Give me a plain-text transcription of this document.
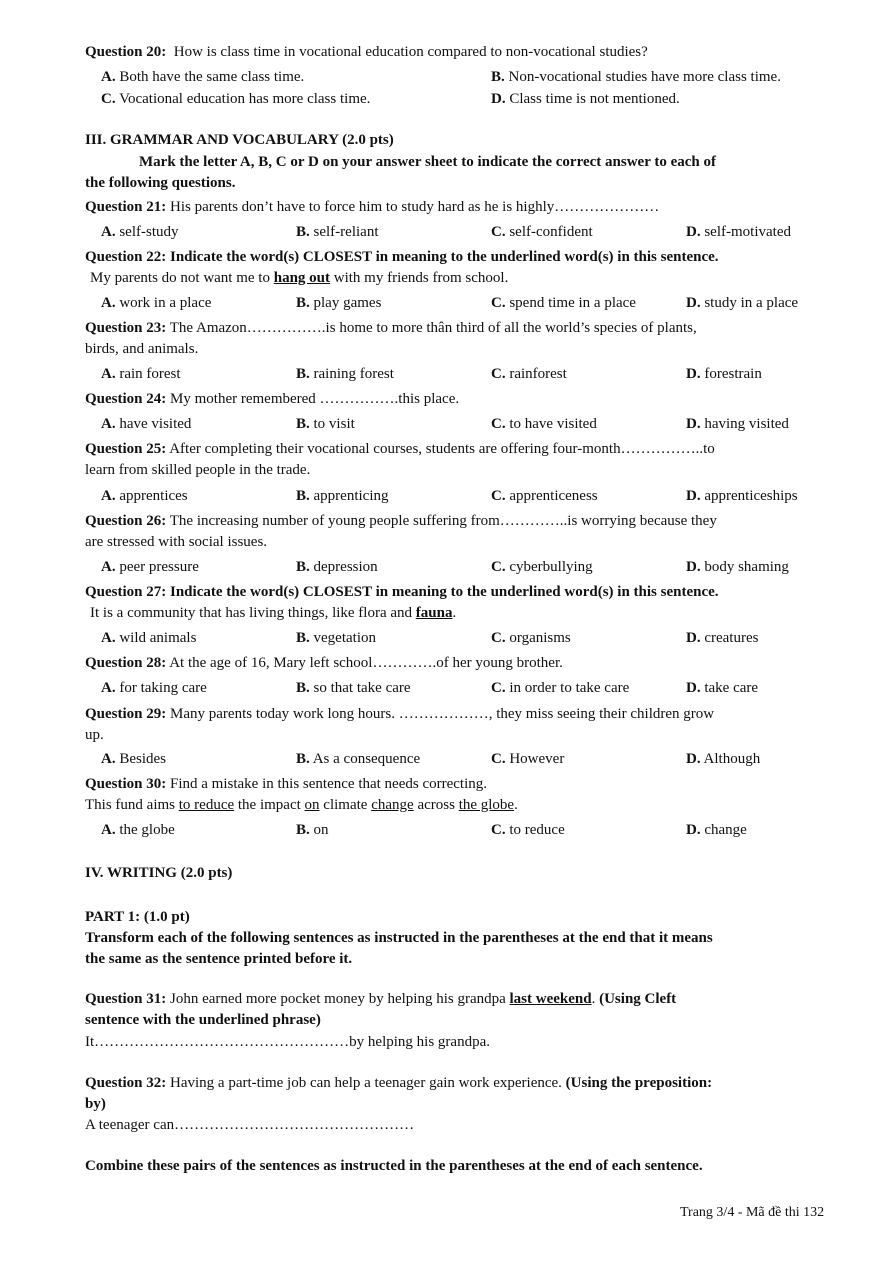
Question 20: How is class time in vocational education compared to non-vocational studies?
A. Both have the same class time.	B. Non-vocational studies have more class time.
C. Vocational education has more class time.	D. Class time is not mentioned.
III. GRAMMAR AND VOCABULARY (2.0 pts)
Mark the letter A, B, C or D on your answer sheet to indicate the correct answer to each of
the following questions.
Question 21: His parents don’t have to force him to study hard as he is highly…………………
A. self-study	B. self-reliant	C. self-confident	D. self-motivated
Question 22: Indicate the word(s) CLOSEST in meaning to the underlined word(s) in this sentence.
My parents do not want me to hang out with my friends from school.
A. work in a place	B. play games	C. spend time in a place	D. study in a place
Question 23: The Amazon…………….is home to more thân third of all the world’s species of plants,
birds, and animals.
A. rain forest	B. raining forest	C. rainforest	D. forestrain
Question 24: My mother remembered …………….this place.
A. have visited	B. to visit	C. to have visited	D. having visited
Question 25: After completing their vocational courses, students are offering four-month……………..to
learn from skilled people in the trade.
A. apprentices	B. apprenticing	C. apprenticeness	D. apprenticeships
Question 26: The increasing number of young people suffering from…………..is worrying because they
are stressed with social issues.
A. peer pressure	B. depression	C. cyberbullying	D. body shaming
Question 27: Indicate the word(s) CLOSEST in meaning to the underlined word(s) in this sentence.
It is a community that has living things, like flora and fauna.
A. wild animals	B. vegetation	C. organisms	D. creatures
Question 28: At the age of 16, Mary left school………….of her young brother.
A. for taking care	B. so that take care	C. in order to take care	D. take care
Question 29: Many parents today work long hours. ………………, they miss seeing their children grow
up.
A. Besides	B. As a consequence	C. However	D. Although
Question 30: Find a mistake in this sentence that needs correcting.
This fund aims to reduce the impact on climate change across the globe.
A. the globe	B. on	C. to reduce	D. change
IV. WRITING (2.0 pts)
PART 1: (1.0 pt)
Transform each of the following sentences as instructed in the parentheses at the end that it means
the same as the sentence printed before it.
Question 31: John earned more pocket money by helping his grandpa last weekend. (Using Cleft
sentence with the underlined phrase)
It……………………………………………by helping his grandpa.
Question 32: Having a part-time job can help a teenager gain work experience. (Using the preposition:
by)
A teenager can…………………………………………
Combine these pairs of the sentences as instructed in the parentheses at the end of each sentence.
Trang 3/4 - Mã đề thi 132
